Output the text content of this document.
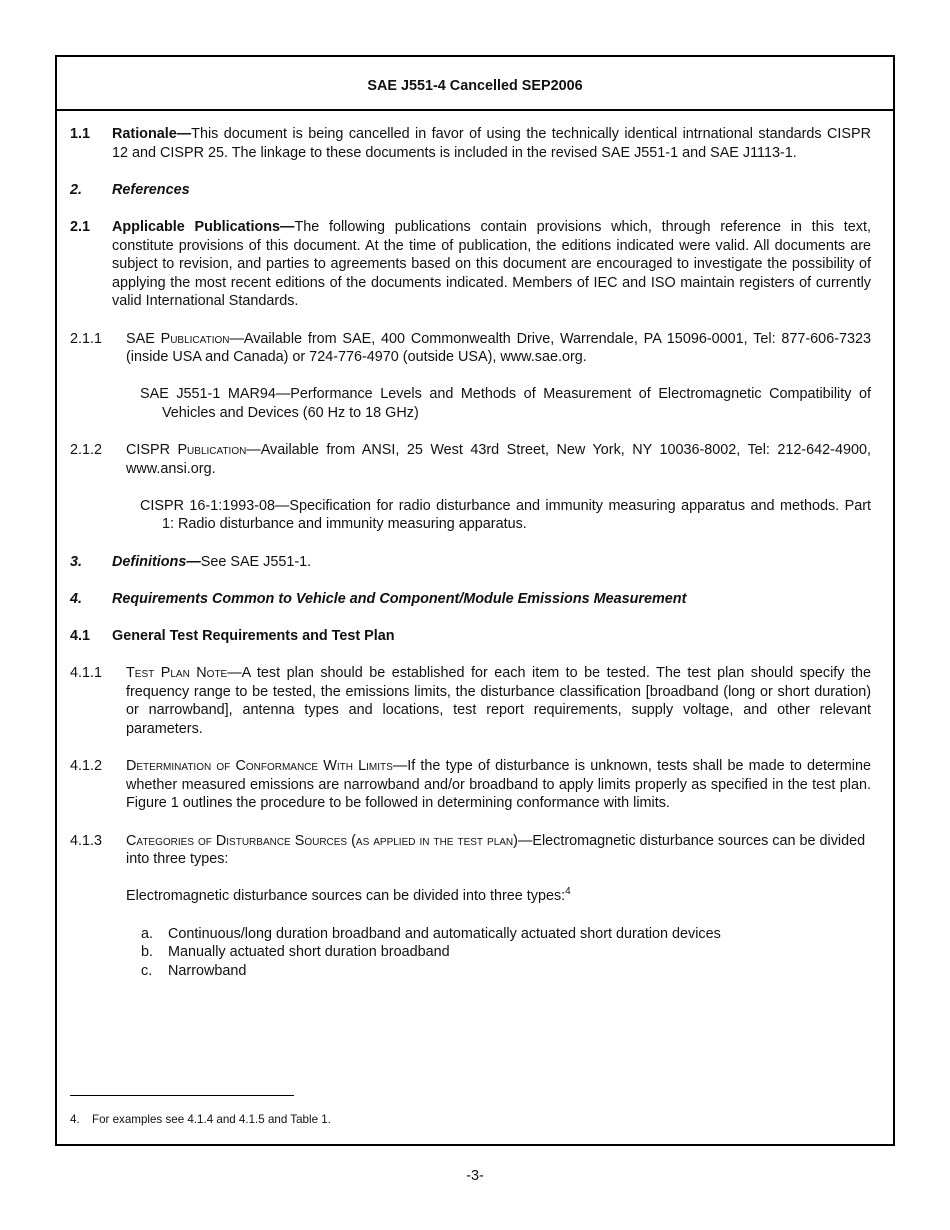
SAE J551-4 Cancelled SEP2006

1.1 Rationale—This document is being cancelled in favor of using the technically identical intrnational standards CISPR 12 and CISPR 25. The linkage to these documents is included in the revised SAE J551-1 and SAE J1113-1.

2. References

2.1 Applicable Publications—The following publications contain provisions which, through reference in this text, constitute provisions of this document. At the time of publication, the editions indicated were valid. All documents are subject to revision, and parties to agreements based on this document are encouraged to investigate the possibility of applying the most recent editions of the documents indicated. Members of IEC and ISO maintain registers of currently valid International Standards.

2.1.1 SAE Publication—Available from SAE, 400 Commonwealth Drive, Warrendale, PA 15096-0001, Tel: 877-606-7323 (inside USA and Canada) or 724-776-4970 (outside USA), www.sae.org.

SAE J551-1 MAR94—Performance Levels and Methods of Measurement of Electromagnetic Compatibility of Vehicles and Devices (60 Hz to 18 GHz)

2.1.2 CISPR Publication—Available from ANSI, 25 West 43rd Street, New York, NY 10036-8002, Tel: 212-642-4900, www.ansi.org.

CISPR 16-1:1993-08—Specification for radio disturbance and immunity measuring apparatus and methods. Part 1: Radio disturbance and immunity measuring apparatus.

3. Definitions—See SAE J551-1.

4. Requirements Common to Vehicle and Component/Module Emissions Measurement

4.1 General Test Requirements and Test Plan

4.1.1 Test Plan Note—A test plan should be established for each item to be tested. The test plan should specify the frequency range to be tested, the emissions limits, the disturbance classification [broadband (long or short duration) or narrowband], antenna types and locations, test report requirements, supply voltage, and other relevant parameters.

4.1.2 Determination of Conformance With Limits—If the type of disturbance is unknown, tests shall be made to determine whether measured emissions are narrowband and/or broadband to apply limits properly as specified in the test plan. Figure 1 outlines the procedure to be followed in determining conformance with limits.

4.1.3 Categories of Disturbance Sources (as applied in the test plan)—Electromagnetic disturbance sources can be divided into three types:

Electromagnetic disturbance sources can be divided into three types:$^4$

a. Continuous/long duration broadband and automatically actuated short duration devices

b. Manually actuated short duration broadband

c. Narrowband

4. For examples see 4.1.4 and 4.1.5 and Table 1.
-3-
